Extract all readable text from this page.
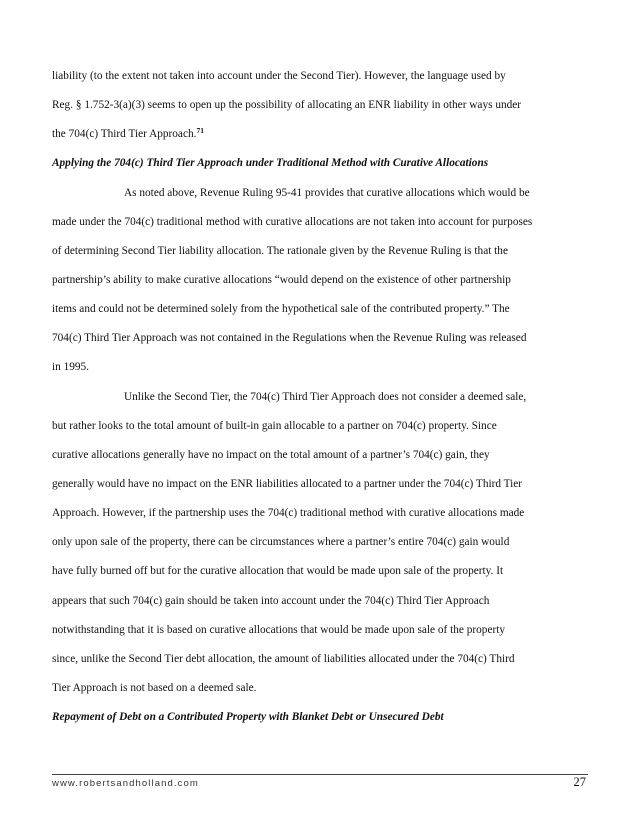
liability (to the extent not taken into account under the Second Tier). However, the language used by
Reg. § 1.752-3(a)(3) seems to open up the possibility of allocating an ENR liability in other ways under
the 704(c) Third Tier Approach.$^{71}$
Applying the 704(c) Third Tier Approach under Traditional Method with Curative Allocations
As noted above, Revenue Ruling 95-41 provides that curative allocations which would be
made under the 704(c) traditional method with curative allocations are not taken into account for purposes
of determining Second Tier liability allocation. The rationale given by the Revenue Ruling is that the
partnership’s ability to make curative allocations “would depend on the existence of other partnership
items and could not be determined solely from the hypothetical sale of the contributed property.” The
704(c) Third Tier Approach was not contained in the Regulations when the Revenue Ruling was released
in 1995.
Unlike the Second Tier, the 704(c) Third Tier Approach does not consider a deemed sale,
but rather looks to the total amount of built-in gain allocable to a partner on 704(c) property. Since
curative allocations generally have no impact on the total amount of a partner’s 704(c) gain, they
generally would have no impact on the ENR liabilities allocated to a partner under the 704(c) Third Tier
Approach. However, if the partnership uses the 704(c) traditional method with curative allocations made
only upon sale of the property, there can be circumstances where a partner’s entire 704(c) gain would
have fully burned off but for the curative allocation that would be made upon sale of the property. It
appears that such 704(c) gain should be taken into account under the 704(c) Third Tier Approach
notwithstanding that it is based on curative allocations that would be made upon sale of the property
since, unlike the Second Tier debt allocation, the amount of liabilities allocated under the 704(c) Third
Tier Approach is not based on a deemed sale.
Repayment of Debt on a Contributed Property with Blanket Debt or Unsecured Debt
www.robertsandholland.com	27
